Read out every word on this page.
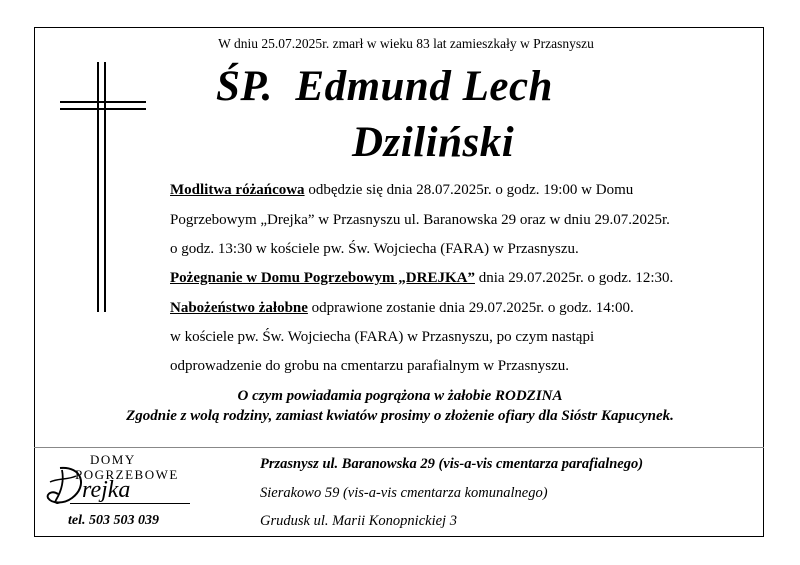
W dniu 25.07.2025r. zmarł w wieku 83 lat zamieszkały w Przasnyszu
ŚP.  Edmund Lech
Dziliński
Modlitwa różańcowa odbędzie się dnia 28.07.2025r. o godz. 19:00 w Domu
Pogrzebowym „Drejka” w Przasnyszu ul. Baranowska 29 oraz w dniu 29.07.2025r.
o godz. 13:30 w kościele pw. Św. Wojciecha (FARA) w Przasnyszu.
Pożegnanie w Domu Pogrzebowym „DREJKA” dnia 29.07.2025r. o godz. 12:30.
Nabożeństwo żałobne odprawione zostanie dnia 29.07.2025r. o godz. 14:00.
w kościele pw. Św. Wojciecha (FARA) w Przasnyszu, po czym nastąpi
odprowadzenie do grobu na cmentarzu parafialnym w Przasnyszu.
O czym powiadamia pogrążona w żałobie RODZINA
Zgodnie z wolą rodziny, zamiast kwiatów prosimy o złożenie ofiary dla Sióstr Kapucynek.
DOMY
POGRZEBOWE
rejka
tel. 503 503 039
Przasnysz ul. Baranowska 29 (vis-a-vis cmentarza parafialnego)
Sierakowo 59 (vis-a-vis cmentarza komunalnego)
Grudusk ul. Marii Konopnickiej 3
